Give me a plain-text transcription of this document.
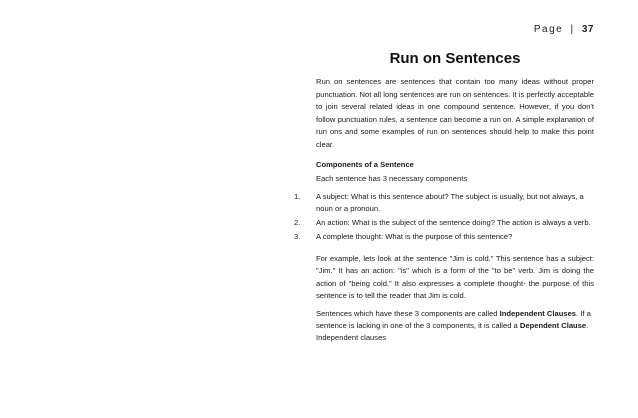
Page | 37
Run on Sentences

Run on sentences are sentences that contain too many ideas without proper punctuation. Not all long sentences are run on sentences. It is perfectly acceptable to join several related ideas in one compound sentence. However, if you don't follow punctuation rules, a sentence can become a run on. A simple explanation of run ons and some examples of run on sentences should help to make this point clear.

Components of a Sentence
Each sentence has 3 necessary components
1. A subject: What is this sentence about? The subject is usually, but not always, a noun or a pronoun.
2. An action: What is the subject of the sentence doing? The action is always a verb.
3. A complete thought: What is the purpose of this sentence?

For example, lets look at the sentence "Jim is cold." This sentence has a subject: "Jim." It has an action: "is" which is a form of the "to be" verb. Jim is doing the action of "being cold." It also expresses a complete thought- the purpose of this sentence is to tell the reader that Jim is cold.

Sentences which have these 3 components are called Independent Clauses. If a sentence is lacking in one of the 3 components, it is called a Dependent Clause. Independent clauses
